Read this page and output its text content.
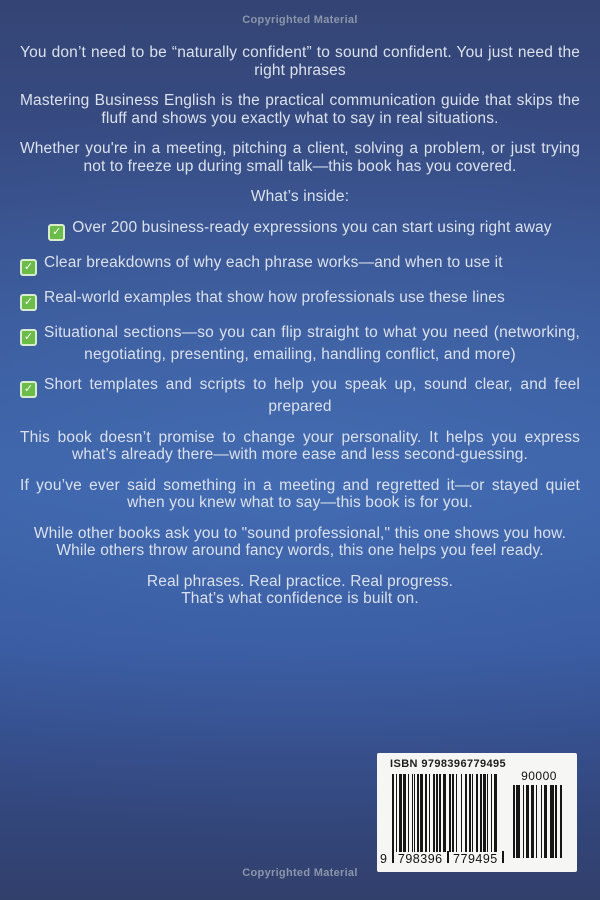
Copyrighted Material

You don’t need to be “naturally confident” to sound confident. You just need the right phrases

Mastering Business English is the practical communication guide that skips the fluff and shows you exactly what to say in real situations.

Whether you're in a meeting, pitching a client, solving a problem, or just trying not to freeze up during small talk—this book has you covered.

What’s inside:

✓ Over 200 business-ready expressions you can start using right away

✓ Clear breakdowns of why each phrase works—and when to use it

✓ Real-world examples that show how professionals use these lines

✓ Situational sections—so you can flip straight to what you need (networking, negotiating, presenting, emailing, handling conflict, and more)

✓ Short templates and scripts to help you speak up, sound clear, and feel prepared

This book doesn’t promise to change your personality. It helps you express what’s already there—with more ease and less second-guessing.

If you’ve ever said something in a meeting and regretted it—or stayed quiet when you knew what to say—this book is for you.

While other books ask you to "sound professional," this one shows you how.

While others throw around fancy words, this one helps you feel ready.

Real phrases. Real practice. Real progress.

That’s what confidence is built on.

ISBN 9798396779495
9 798396 779495
90000
Copyrighted Material
